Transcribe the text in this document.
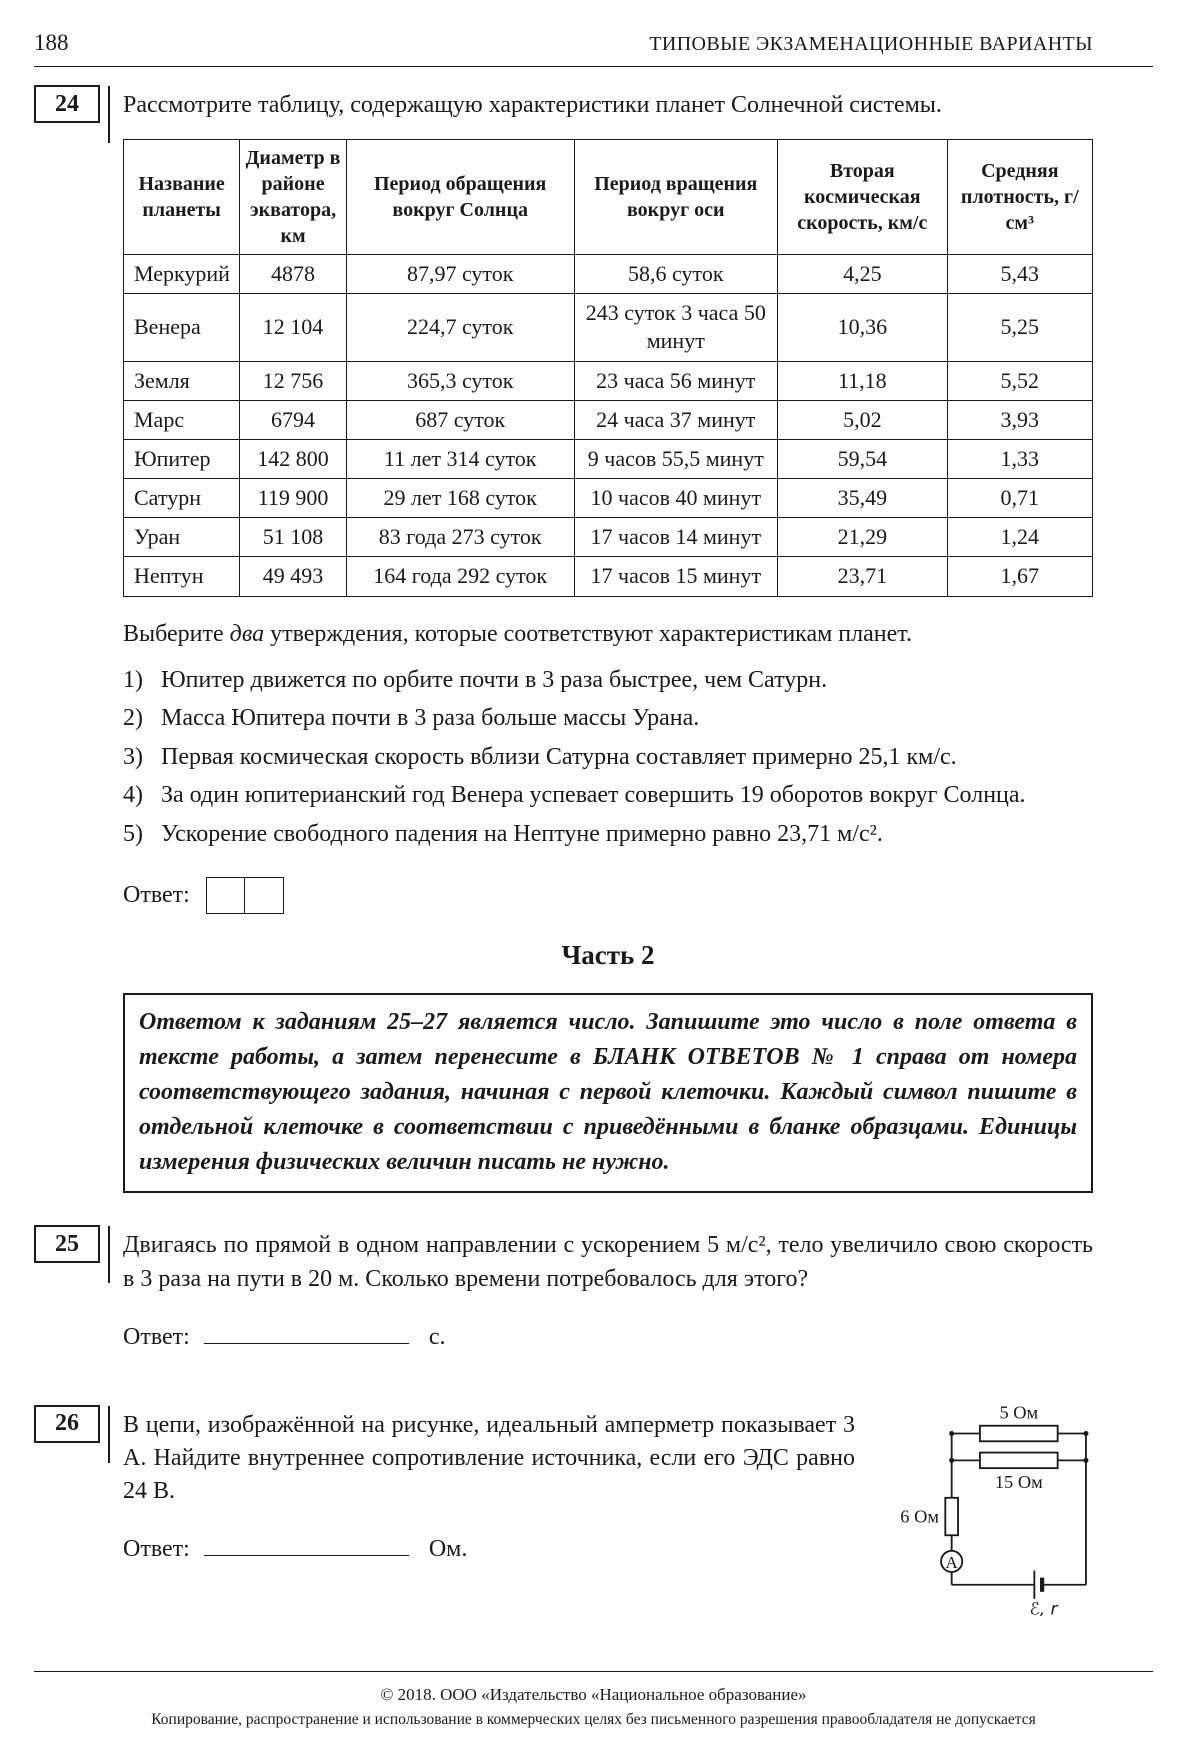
188	ТИПОВЫЕ ЭКЗАМЕНАЦИОННЫЕ ВАРИАНТЫ
24	Рассмотрите таблицу, содержащую характеристики планет Солнечной системы.

Название планеты	Диаметр в районе экватора, км	Период обращения вокруг Солнца	Период вращения вокруг оси	Вторая космическая скорость, км/с	Средняя плотность, г/см³
Меркурий	4878	87,97 суток	58,6 суток	4,25	5,43
Венера	12 104	224,7 суток	243 суток 3 часа 50 минут	10,36	5,25
Земля	12 756	365,3 суток	23 часа 56 минут	11,18	5,52
Марс	6794	687 суток	24 часа 37 минут	5,02	3,93
Юпитер	142 800	11 лет 314 суток	9 часов 55,5 минут	59,54	1,33
Сатурн	119 900	29 лет 168 суток	10 часов 40 минут	35,49	0,71
Уран	51 108	83 года 273 суток	17 часов 14 минут	21,29	1,24
Нептун	49 493	164 года 292 суток	17 часов 15 минут	23,71	1,67

Выберите два утверждения, которые соответствуют характеристикам планет.

1) Юпитер движется по орбите почти в 3 раза быстрее, чем Сатурн.
2) Масса Юпитера почти в 3 раза больше массы Урана.
3) Первая космическая скорость вблизи Сатурна составляет примерно 25,1 км/с.
4) За один юпитерианский год Венера успевает совершить 19 оборотов вокруг Солнца.
5) Ускорение свободного падения на Нептуне примерно равно 23,71 м/с².
Ответ:
Часть 2
Ответом к заданиям 25–27 является число. Запишите это число в поле ответа в тексте работы, а затем перенесите в БЛАНК ОТВЕТОВ № 1 справа от номера соответствующего задания, начиная с первой клеточки. Каждый символ пишите в отдельной клеточке в соответствии с приведёнными в бланке образцами. Единицы измерения физических величин писать не нужно.
25	Двигаясь по прямой в одном направлении с ускорением 5 м/с², тело увеличило свою скорость в 3 раза на пути в 20 м. Сколько времени потребовалось для этого?

Ответ:	с.

26	В цепи, изображённой на рисунке, идеальный амперметр показывает 3 А. Найдите внутреннее сопротивление источника, если его ЭДС равно 24 В.

Ответ:	Ом.

5 Ом
15 Ом
6 Ом
A
ℰ, r

© 2018. ООО «Издательство «Национальное образование»

Копирование, распространение и использование в коммерческих целях без письменного разрешения правообладателя не допускается
